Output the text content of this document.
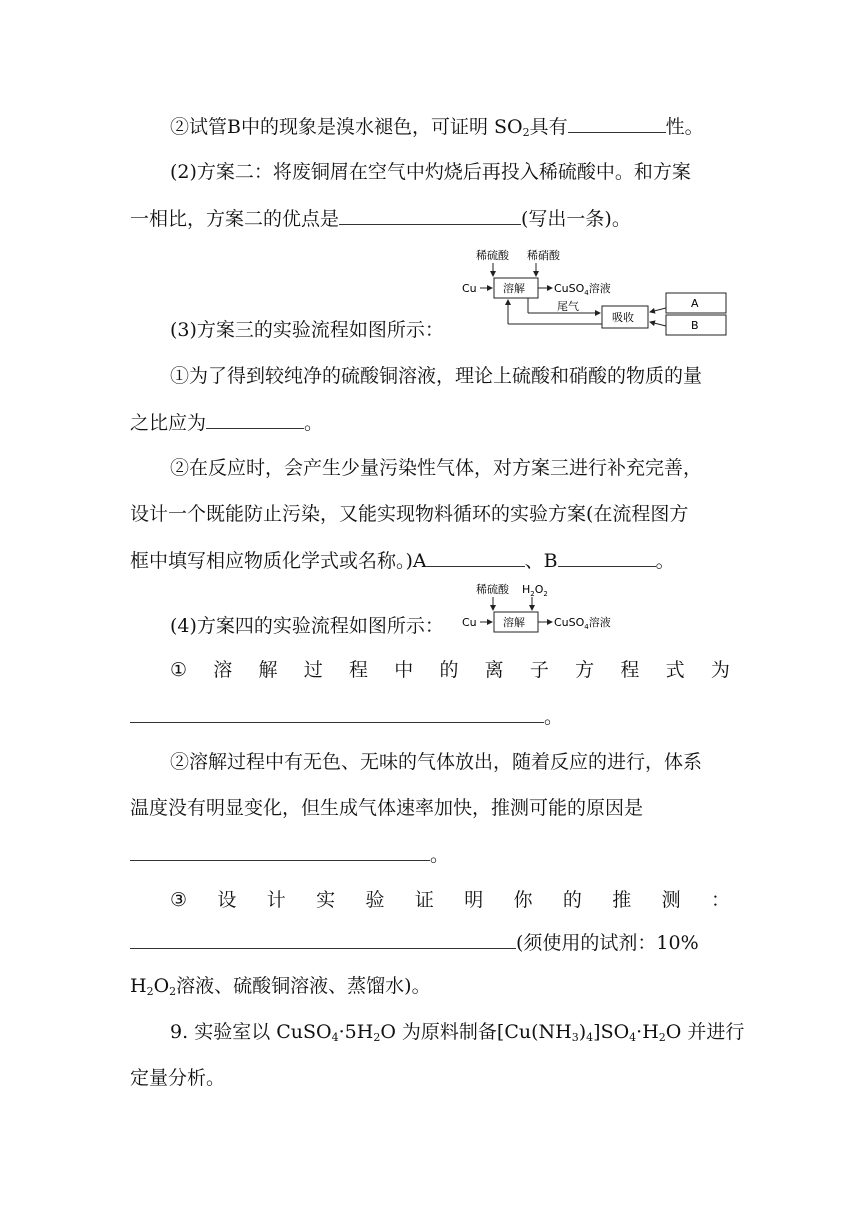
②试管B中的现象是溴水褪色，可证明 $SO_2$具有	性。
(2)方案二：将废铜屑在空气中灼烧后再投入稀硫酸中。和方案
一相比，方案二的优点是	(写出一条)。
稀硫酸 稀硝酸
Cu 溶解	CuSO$_4$溶液
尾气
吸收
A
B
(3)方案三的实验流程如图所示：
①为了得到较纯净的硫酸铜溶液，理论上硫酸和硝酸的物质的量
之比应为	。
②在反应时，会产生少量污染性气体，对方案三进行补充完善，
设计一个既能防止污染，又能实现物料循环的实验方案(在流程图方
框中填写相应物质化学式或名称。)A	、B	。
稀硫酸 $H_2O_2$
Cu 溶解	CuSO$_4$溶液
(4)方案四的实验流程如图所示：
① 溶 解 过 程 中 的 离 子 方 程 式 为
。
②溶解过程中有无色、无味的气体放出，随着反应的进行，体系
温度没有明显变化，但生成气体速率加快，推测可能的原因是
。
③ 设 计 实 验 证 明 你 的 推 测 ：
(须使用的试剂：10%
$H_2O_2$溶液、硫酸铜溶液、蒸馏水)。
9. 实验室以 $CuSO_4\cdot 5H_2O$ 为原料制备$[Cu(NH_3)_4]SO_4\cdot H_2O$ 并进行
定量分析。
